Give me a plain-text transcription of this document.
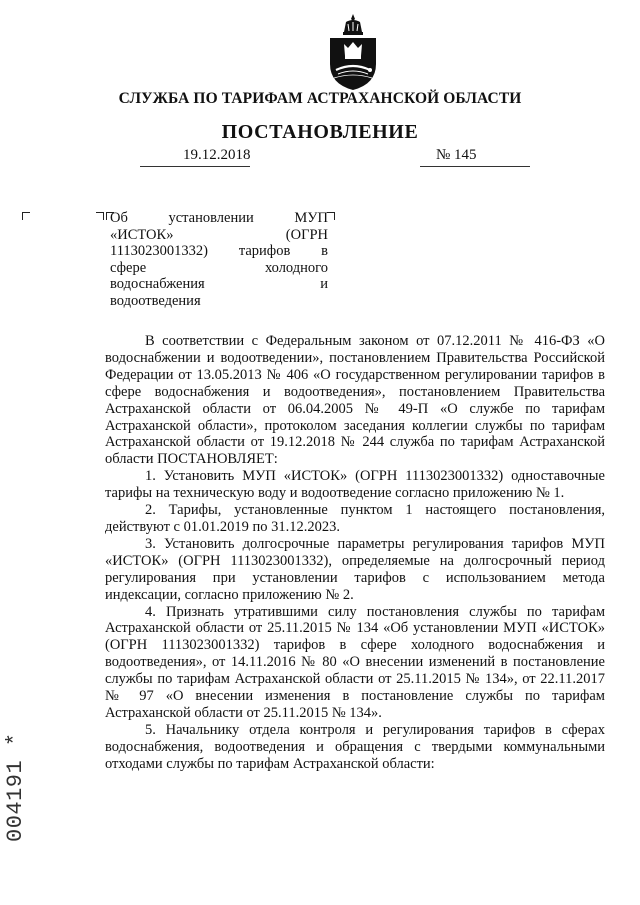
СЛУЖБА ПО ТАРИФАМ АСТРАХАНСКОЙ ОБЛАСТИ
ПОСТАНОВЛЕНИЕ
19.12.2018	№ 145
Об установлении МУП
«ИСТОК» (ОГРН
1113023001332) тарифов в
сфере холодного
водоснабжения и
водоотведения

В соответствии с Федеральным законом от 07.12.2011 № 416-ФЗ «О водоснабжении и водоотведении», постановлением Правительства Российской Федерации от 13.05.2013 № 406 «О государственном регулировании тарифов в сфере водоснабжения и водоотведения», постановлением Правительства Астраханской области от 06.04.2005 № 49-П «О службе по тарифам Астраханской области», протоколом заседания коллегии службы по тарифам Астраханской области от 19.12.2018 № 244 служба по тарифам Астраханской области ПОСТАНОВЛЯЕТ:

1. Установить МУП «ИСТОК» (ОГРН 1113023001332) одноставочные тарифы на техническую воду и водоотведение согласно приложению № 1.

2. Тарифы, установленные пунктом 1 настоящего постановления, действуют с 01.01.2019 по 31.12.2023.

3. Установить долгосрочные параметры регулирования тарифов МУП «ИСТОК» (ОГРН 1113023001332), определяемые на долгосрочный период регулирования при установлении тарифов с использованием метода индексации, согласно приложению № 2.

4. Признать утратившими силу постановления службы по тарифам Астраханской области от 25.11.2015 № 134 «Об установлении МУП «ИСТОК» (ОГРН 1113023001332) тарифов в сфере холодного водоснабжения и водоотведения», от 14.11.2016 № 80 «О внесении изменений в постановление службы по тарифам Астраханской области от 25.11.2015 № 134», от 22.11.2017 № 97 «О внесении изменения в постановление службы по тарифам Астраханской области от 25.11.2015 № 134».

5. Начальнику отдела контроля и регулирования тарифов в сферах водоснабжения, водоотведения и обращения с твердыми коммунальными отходами службы по тарифам Астраханской области:

004191 *
